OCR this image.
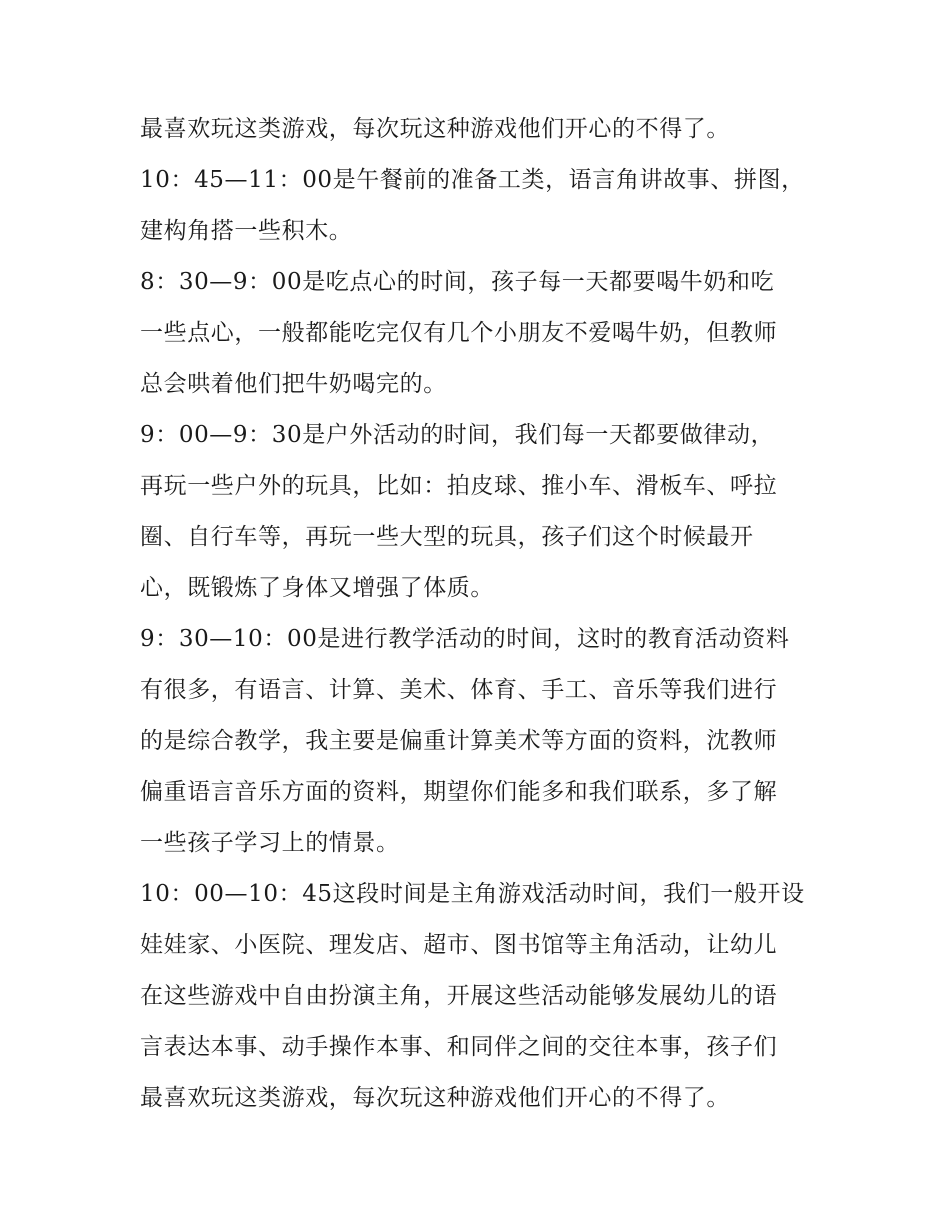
最喜欢玩这类游戏，每次玩这种游戏他们开心的不得了。
10：45—11：00是午餐前的准备工类，语言角讲故事、拼图，
建构角搭一些积木。
8：30—9：00是吃点心的时间，孩子每一天都要喝牛奶和吃
一些点心，一般都能吃完仅有几个小朋友不爱喝牛奶，但教师
总会哄着他们把牛奶喝完的。
9：00—9：30是户外活动的时间，我们每一天都要做律动，
再玩一些户外的玩具，比如：拍皮球、推小车、滑板车、呼拉
圈、自行车等，再玩一些大型的玩具，孩子们这个时候最开
心，既锻炼了身体又增强了体质。
9：30—10：00是进行教学活动的时间，这时的教育活动资料
有很多，有语言、计算、美术、体育、手工、音乐等我们进行
的是综合教学，我主要是偏重计算美术等方面的资料，沈教师
偏重语言音乐方面的资料，期望你们能多和我们联系，多了解
一些孩子学习上的情景。
10：00—10：45这段时间是主角游戏活动时间，我们一般开设
娃娃家、小医院、理发店、超市、图书馆等主角活动，让幼儿
在这些游戏中自由扮演主角，开展这些活动能够发展幼儿的语
言表达本事、动手操作本事、和同伴之间的交往本事，孩子们
最喜欢玩这类游戏，每次玩这种游戏他们开心的不得了。
